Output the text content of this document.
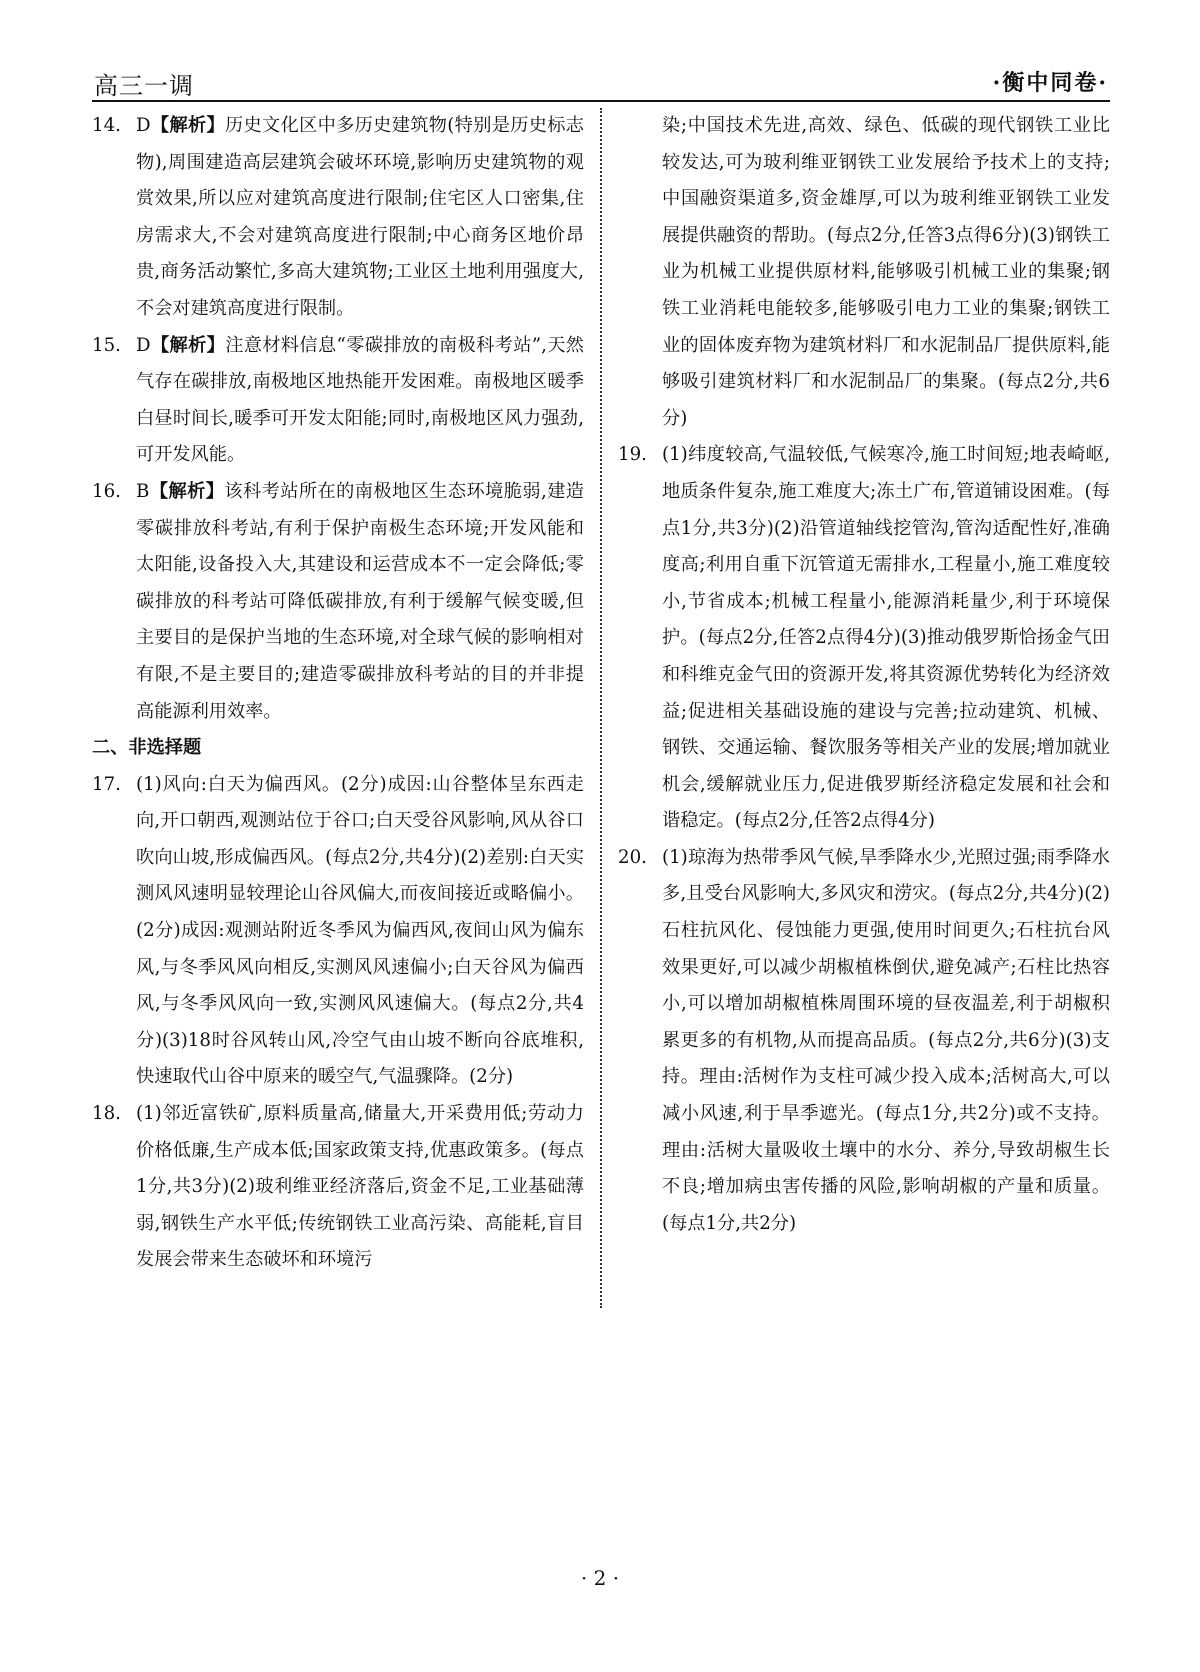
高三一调	·衡中同卷·

14. D【解析】历史文化区中多历史建筑物(特别是历史标志物),周围建造高层建筑会破坏环境,影响历史建筑物的观赏效果,所以应对建筑高度进行限制;住宅区人口密集,住房需求大,不会对建筑高度进行限制;中心商务区地价昂贵,商务活动繁忙,多高大建筑物;工业区土地利用强度大,不会对建筑高度进行限制。

15. D【解析】注意材料信息“零碳排放的南极科考站”,天然气存在碳排放,南极地区地热能开发困难。南极地区暖季白昼时间长,暖季可开发太阳能;同时,南极地区风力强劲,可开发风能。

16. B【解析】该科考站所在的南极地区生态环境脆弱,建造零碳排放科考站,有利于保护南极生态环境;开发风能和太阳能,设备投入大,其建设和运营成本不一定会降低;零碳排放的科考站可降低碳排放,有利于缓解气候变暖,但主要目的是保护当地的生态环境,对全球气候的影响相对有限,不是主要目的;建造零碳排放科考站的目的并非提高能源利用效率。

二、非选择题

17. (1)风向:白天为偏西风。(2分)成因:山谷整体呈东西走向,开口朝西,观测站位于谷口;白天受谷风影响,风从谷口吹向山坡,形成偏西风。(每点2分,共4分)(2)差别:白天实测风风速明显较理论山谷风偏大,而夜间接近或略偏小。(2分)成因:观测站附近冬季风为偏西风,夜间山风为偏东风,与冬季风风向相反,实测风风速偏小;白天谷风为偏西风,与冬季风风向一致,实测风风速偏大。(每点2分,共4分)(3)18时谷风转山风,冷空气由山坡不断向谷底堆积,快速取代山谷中原来的暖空气,气温骤降。(2分)

18. (1)邻近富铁矿,原料质量高,储量大,开采费用低;劳动力价格低廉,生产成本低;国家政策支持,优惠政策多。(每点1分,共3分)(2)玻利维亚经济落后,资金不足,工业基础薄弱,钢铁生产水平低;传统钢铁工业高污染、高能耗,盲目发展会带来生态破坏和环境污

染;中国技术先进,高效、绿色、低碳的现代钢铁工业比较发达,可为玻利维亚钢铁工业发展给予技术上的支持;中国融资渠道多,资金雄厚,可以为玻利维亚钢铁工业发展提供融资的帮助。(每点2分,任答3点得6分)(3)钢铁工业为机械工业提供原材料,能够吸引机械工业的集聚;钢铁工业消耗电能较多,能够吸引电力工业的集聚;钢铁工业的固体废弃物为建筑材料厂和水泥制品厂提供原料,能够吸引建筑材料厂和水泥制品厂的集聚。(每点2分,共6分)

19. (1)纬度较高,气温较低,气候寒冷,施工时间短;地表崎岖,地质条件复杂,施工难度大;冻土广布,管道铺设困难。(每点1分,共3分)(2)沿管道轴线挖管沟,管沟适配性好,准确度高;利用自重下沉管道无需排水,工程量小,施工难度较小,节省成本;机械工程量小,能源消耗量少,利于环境保护。(每点2分,任答2点得4分)(3)推动俄罗斯恰扬金气田和科维克金气田的资源开发,将其资源优势转化为经济效益;促进相关基础设施的建设与完善;拉动建筑、机械、钢铁、交通运输、餐饮服务等相关产业的发展;增加就业机会,缓解就业压力,促进俄罗斯经济稳定发展和社会和谐稳定。(每点2分,任答2点得4分)

20. (1)琼海为热带季风气候,旱季降水少,光照过强;雨季降水多,且受台风影响大,多风灾和涝灾。(每点2分,共4分)(2)石柱抗风化、侵蚀能力更强,使用时间更久;石柱抗台风效果更好,可以减少胡椒植株倒伏,避免减产;石柱比热容小,可以增加胡椒植株周围环境的昼夜温差,利于胡椒积累更多的有机物,从而提高品质。(每点2分,共6分)(3)支持。理由:活树作为支柱可减少投入成本;活树高大,可以减小风速,利于旱季遮光。(每点1分,共2分)或不支持。理由:活树大量吸收土壤中的水分、养分,导致胡椒生长不良;增加病虫害传播的风险,影响胡椒的产量和质量。(每点1分,共2分)

· 2 ·
